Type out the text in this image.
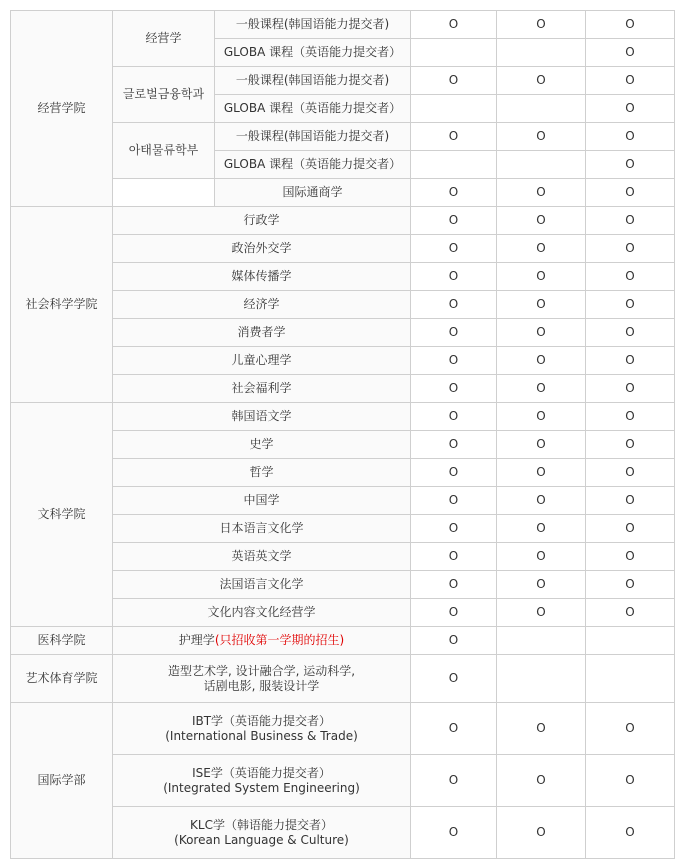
经营学院	经营学	一般课程(韩国语能力提交者)	O	O	O
		GLOBA 课程（英语能力提交者）			O
	글로벌금융학과	一般课程(韩国语能力提交者)	O	O	O
		GLOBA 课程（英语能力提交者）			O
	아태물류학부	一般课程(韩国语能力提交者)	O	O	O
		GLOBA 课程（英语能力提交者）			O
		国际通商学	O	O	O
社会科学学院	行政学		O	O	O
	政治外交学		O	O	O
	媒体传播学		O	O	O
	经济学		O	O	O
	消费者学		O	O	O
	儿童心理学		O	O	O
	社会福利学		O	O	O
文科学院	韩国语文学		O	O	O
	史学		O	O	O
	哲学		O	O	O
	中国学		O	O	O
	日本语言文化学		O	O	O
	英语英文学		O	O	O
	法国语言文化学		O	O	O
	文化内容文化经营学		O	O	O
医科学院	护理学(只招收第一学期的招生)		O		
艺术体育学院	造型艺术学, 设计融合学, 运动科学,
话剧电影, 服装设计学		O		
国际学部	IBT学（英语能力提交者）
(International Business & Trade)		O	O	O

	ISE学（英语能力提交者）
(Integrated System Engineering)		O	O	O

	KLC学（韩语能力提交者）
(Korean Language & Culture)		O	O	O
